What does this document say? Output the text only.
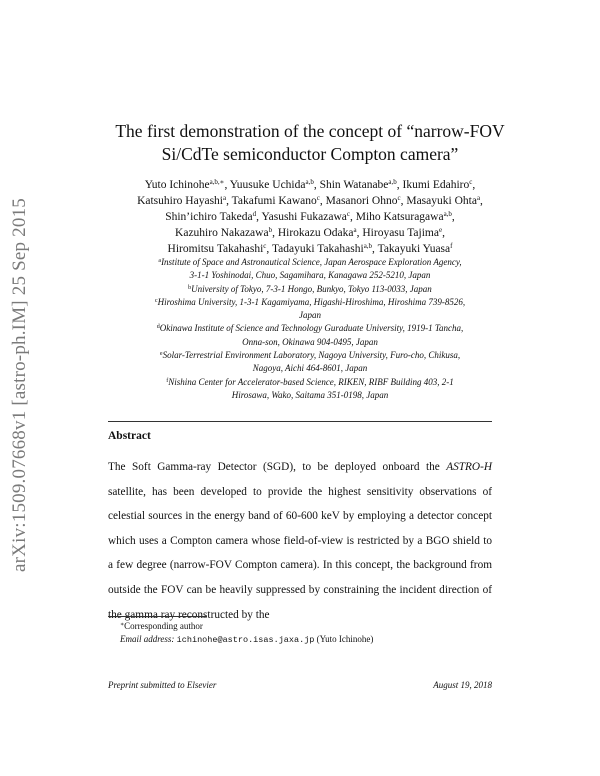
arXiv:1509.07668v1 [astro-ph.IM] 25 Sep 2015
The first demonstration of the concept of “narrow-FOV
Si/CdTe semiconductor Compton camera”
Yuto Ichinohe$^{a,b,∗}$, Yuusuke Uchida$^{a,b}$, Shin Watanabe$^{a,b}$, Ikumi Edahiro$^c$,
Katsuhiro Hayashi$^a$, Takafumi Kawano$^c$, Masanori Ohno$^c$, Masayuki Ohta$^a$,
Shin’ichiro Takeda$^d$, Yasushi Fukazawa$^c$, Miho Katsuragawa$^{a,b}$,
Kazuhiro Nakazawa$^b$, Hirokazu Odaka$^a$, Hiroyasu Tajima$^e$,
Hiromitsu Takahashi$^c$, Tadayuki Takahashi$^{a,b}$, Takayuki Yuasa$^f$
$^a$Institute of Space and Astronautical Science, Japan Aerospace Exploration Agency,
3-1-1 Yoshinodai, Chuo, Sagamihara, Kanagawa 252-5210, Japan
$^b$University of Tokyo, 7-3-1 Hongo, Bunkyo, Tokyo 113-0033, Japan
$^c$Hiroshima University, 1-3-1 Kagamiyama, Higashi-Hiroshima, Hiroshima 739-8526,
Japan
$^d$Okinawa Institute of Science and Technology Guraduate University, 1919-1 Tancha,
Onna-son, Okinawa 904-0495, Japan
$^e$Solar-Terrestrial Environment Laboratory, Nagoya University, Furo-cho, Chikusa,
Nagoya, Aichi 464-8601, Japan
$^f$Nishina Center for Accelerator-based Science, RIKEN, RIBF Building 403, 2-1
Hirosawa, Wako, Saitama 351-0198, Japan
Abstract

The Soft Gamma-ray Detector (SGD), to be deployed onboard the ASTRO-H satellite, has been developed to provide the highest sensitivity observations of celestial sources in the energy band of 60-600 keV by employing a detector concept which uses a Compton camera whose field-of-view is restricted by a BGO shield to a few degree (narrow-FOV Compton camera). In this concept, the background from outside the FOV can be heavily suppressed by constraining the incident direction of the gamma ray reconstructed by the

∗Corresponding author
Email address: ichinohe@astro.isas.jaxa.jp (Yuto Ichinohe)
Preprint submitted to Elsevier	August 19, 2018
